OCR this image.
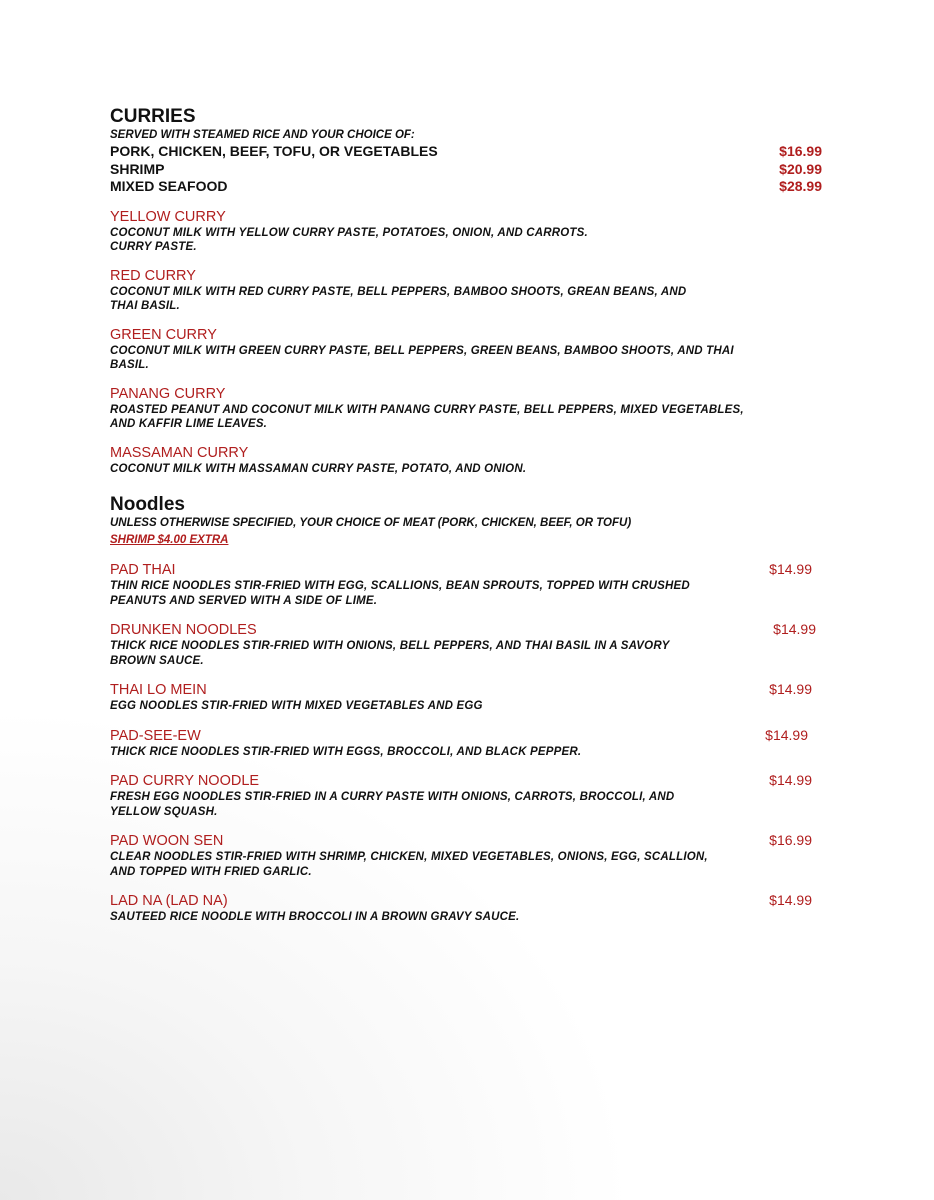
CURRIES
SERVED WITH STEAMED RICE AND YOUR CHOICE OF:
PORK, CHICKEN, BEEF, TOFU, OR VEGETABLES	$16.99
SHRIMP	$20.99
MIXED SEAFOOD	$28.99
YELLOW CURRY
COCONUT MILK WITH YELLOW CURRY PASTE, POTATOES, ONION, AND CARROTS.
CURRY PASTE.
RED CURRY
COCONUT MILK WITH RED CURRY PASTE, BELL PEPPERS, BAMBOO SHOOTS, GREAN BEANS, AND
THAI BASIL.
GREEN CURRY
COCONUT MILK WITH GREEN CURRY PASTE, BELL PEPPERS, GREEN BEANS, BAMBOO SHOOTS, AND THAI
BASIL.
PANANG CURRY
ROASTED PEANUT AND COCONUT MILK WITH PANANG CURRY PASTE, BELL PEPPERS, MIXED VEGETABLES,
AND KAFFIR LIME LEAVES.
MASSAMAN CURRY
COCONUT MILK WITH MASSAMAN CURRY PASTE, POTATO, AND ONION.
Noodles
UNLESS OTHERWISE SPECIFIED, YOUR CHOICE OF MEAT (PORK, CHICKEN, BEEF, OR TOFU)
SHRIMP $4.00 EXTRA
PAD THAI	$14.99
THIN RICE NOODLES STIR-FRIED WITH EGG, SCALLIONS, BEAN SPROUTS, TOPPED WITH CRUSHED
PEANUTS AND SERVED WITH A SIDE OF LIME.
DRUNKEN NOODLES	$14.99
THICK RICE NOODLES STIR-FRIED WITH ONIONS, BELL PEPPERS, AND THAI BASIL IN A SAVORY
BROWN SAUCE.
THAI LO MEIN	$14.99
EGG NOODLES STIR-FRIED WITH MIXED VEGETABLES AND EGG
PAD-SEE-EW	$14.99
THICK RICE NOODLES STIR-FRIED WITH EGGS, BROCCOLI, AND BLACK PEPPER.
PAD CURRY NOODLE	$14.99
FRESH EGG NOODLES STIR-FRIED IN A CURRY PASTE WITH ONIONS, CARROTS, BROCCOLI, AND
YELLOW SQUASH.
PAD WOON SEN	$16.99
CLEAR NOODLES STIR-FRIED WITH SHRIMP, CHICKEN, MIXED VEGETABLES, ONIONS, EGG, SCALLION,
AND TOPPED WITH FRIED GARLIC.
LAD NA (LAD NA)	$14.99
SAUTEED RICE NOODLE WITH BROCCOLI IN A BROWN GRAVY SAUCE.
